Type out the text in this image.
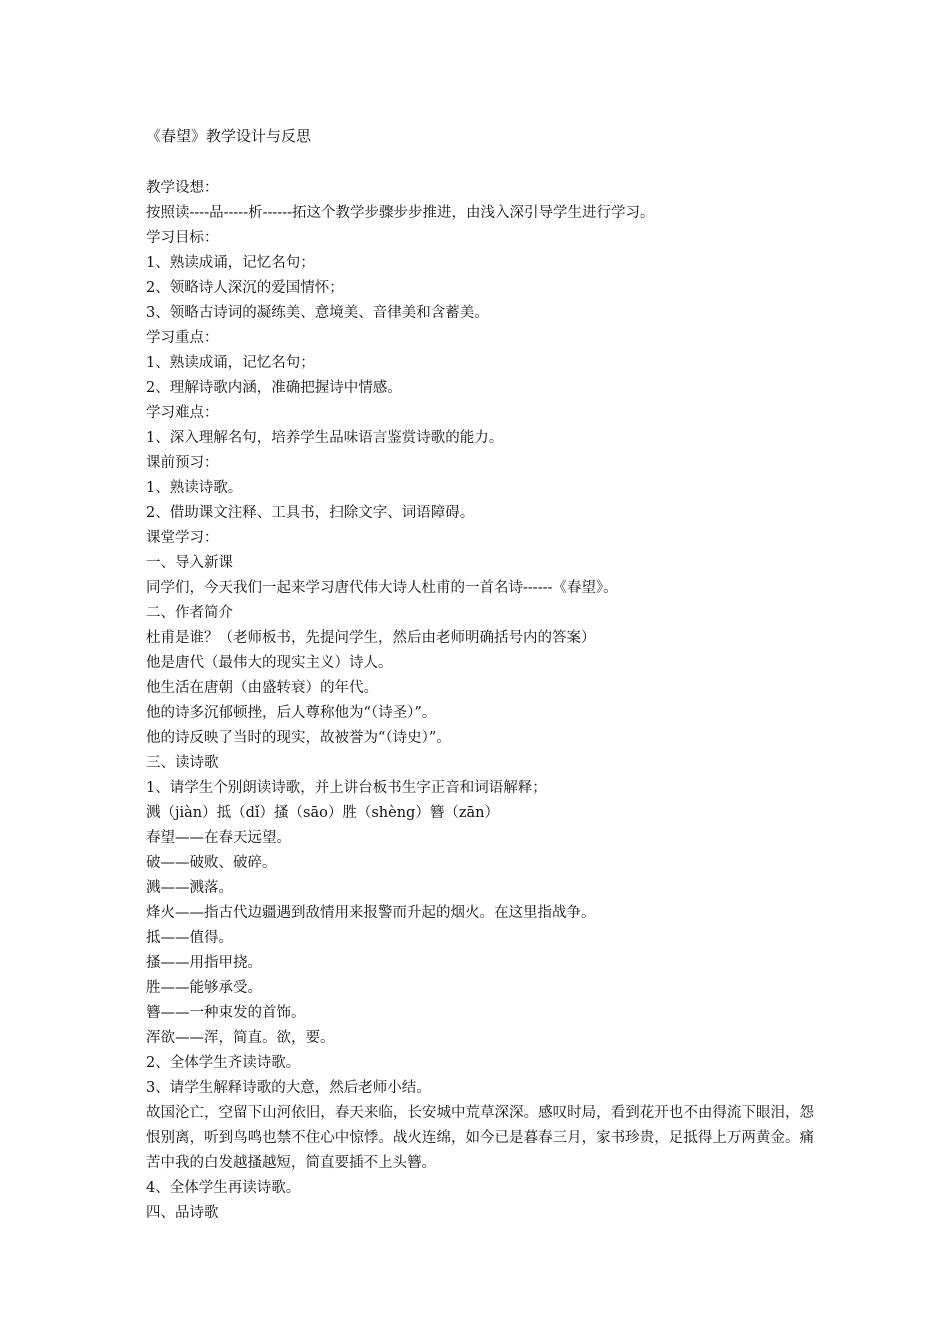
《春望》教学设计与反思
教学设想：
按照读----品-----析------拓这个教学步骤步步推进，由浅入深引导学生进行学习。
学习目标：
1、熟读成诵，记忆名句；
2、领略诗人深沉的爱国情怀；
3、领略古诗词的凝练美、意境美、音律美和含蓄美。
学习重点：
1、熟读成诵，记忆名句；
2、理解诗歌内涵，准确把握诗中情感。
学习难点：
1、深入理解名句，培养学生品味语言鉴赏诗歌的能力。
课前预习：
1、熟读诗歌。
2、借助课文注释、工具书，扫除文字、词语障碍。
课堂学习：
一、导入新课
同学们，今天我们一起来学习唐代伟大诗人杜甫的一首名诗------《春望》。
二、作者简介
杜甫是谁？（老师板书，先提问学生，然后由老师明确括号内的答案）
他是唐代（最伟大的现实主义）诗人。
他生活在唐朝（由盛转衰）的年代。
他的诗多沉郁顿挫，后人尊称他为“（诗圣）”。
他的诗反映了当时的现实，故被誉为“（诗史）”。
三、读诗歌
1、请学生个别朗读诗歌，并上讲台板书生字正音和词语解释；
溅（jiàn）抵（dǐ）搔（sāo）胜（shèng）簪（zān）
春望——在春天远望。
破——破败、破碎。
溅——溅落。
烽火——指古代边疆遇到敌情用来报警而升起的烟火。在这里指战争。
抵——值得。
搔——用指甲挠。
胜——能够承受。
簪——一种束发的首饰。
浑欲——浑，简直。欲，要。
2、全体学生齐读诗歌。
3、请学生解释诗歌的大意，然后老师小结。
故国沦亡，空留下山河依旧，春天来临，长安城中荒草深深。感叹时局，看到花开也不由得流下眼泪，怨恨别离，听到鸟鸣也禁不住心中惊悸。战火连绵，如今已是暮春三月，家书珍贵，足抵得上万两黄金。痛苦中我的白发越搔越短，简直要插不上头簪。
4、全体学生再读诗歌。
四、品诗歌
